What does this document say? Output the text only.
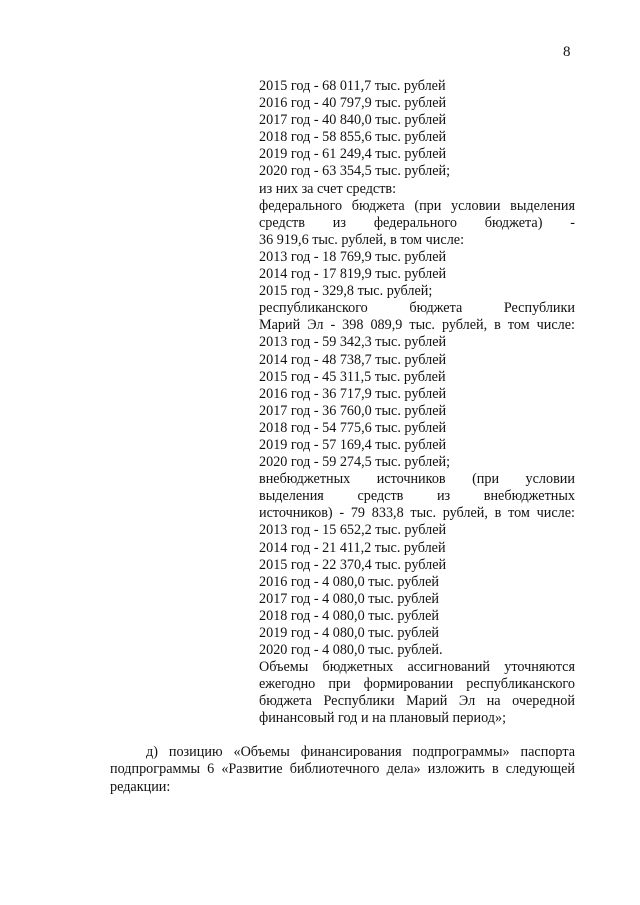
8
2015 год - 68 011,7 тыс. рублей
2016 год - 40 797,9 тыс. рублей
2017 год - 40 840,0 тыс. рублей
2018 год - 58 855,6 тыс. рублей
2019 год - 61 249,4 тыс. рублей
2020 год - 63 354,5 тыс. рублей;
из них за счет средств:
федерального бюджета (при условии выделения
средств из федерального бюджета) -
36 919,6 тыс. рублей, в том числе:
2013 год - 18 769,9 тыс. рублей
2014 год - 17 819,9 тыс. рублей
2015 год - 329,8 тыс. рублей;
республиканского бюджета Республики
Марий Эл - 398 089,9 тыс. рублей, в том числе:
2013 год - 59 342,3 тыс. рублей
2014 год - 48 738,7 тыс. рублей
2015 год - 45 311,5 тыс. рублей
2016 год - 36 717,9 тыс. рублей
2017 год - 36 760,0 тыс. рублей
2018 год - 54 775,6 тыс. рублей
2019 год - 57 169,4 тыс. рублей
2020 год - 59 274,5 тыс. рублей;
внебюджетных источников (при условии
выделения средств из внебюджетных
источников) - 79 833,8 тыс. рублей, в том числе:
2013 год - 15 652,2 тыс. рублей
2014 год - 21 411,2 тыс. рублей
2015 год - 22 370,4 тыс. рублей
2016 год - 4 080,0 тыс. рублей
2017 год - 4 080,0 тыс. рублей
2018 год - 4 080,0 тыс. рублей
2019 год - 4 080,0 тыс. рублей
2020 год - 4 080,0 тыс. рублей.
Объемы бюджетных ассигнований уточняются
ежегодно при формировании республиканского
бюджета Республики Марий Эл на очередной
финансовый год и на плановый период»;
д) позицию «Объемы финансирования подпрограммы» паспорта
подпрограммы 6 «Развитие библиотечного дела» изложить в следующей
редакции:
